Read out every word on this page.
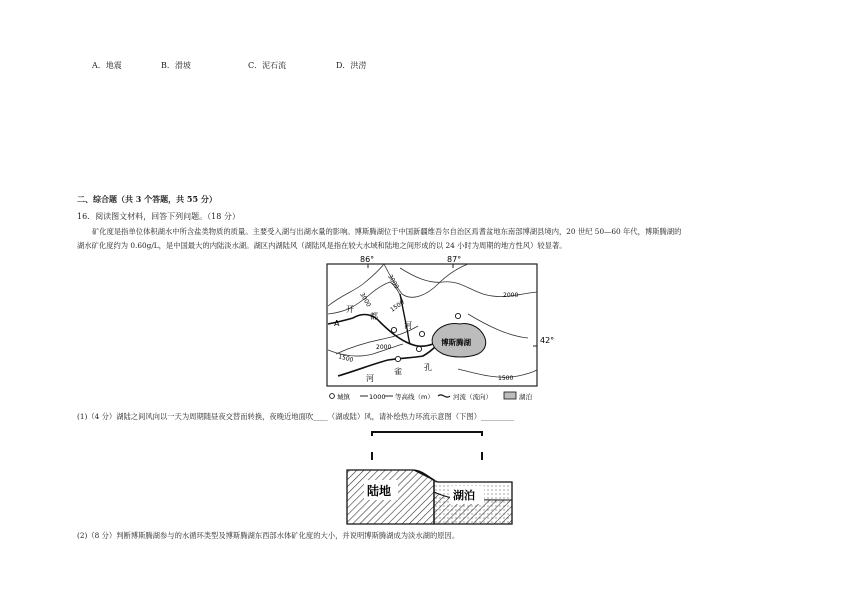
A．地震	B．滑坡	C．泥石流	D．洪涝
二、综合题（共 3 个答题，共 55 分）
16．阅读图文材料，回答下列问题。（18 分）
矿化度是指单位体积湖水中所含盐类物质的质量。主要受入湖与出湖水量的影响。博斯腾湖位于中国新疆维吾尔自治区焉耆盆地东南部博湖县境内，20 世纪 50—60 年代，博斯腾湖的
湖水矿化度约为 0.60g/L，是中国最大的内陆淡水湖。湖区内湖陆风（湖陆风是指在较大水域和陆地之间形成的以 24 小时为周期的地方性风）较显著。
86°	87°
42°
博斯腾湖
A
开
都
河
雀	孔
河
3000
3000
2000
2000
1500
1500
1500
城镇	1000 等高线（m）	河流（流向）	湖泊
(1)（4 分）湖陆之间风向以一天为周期随昼夜交替而转换，夜晚近地面吹____（湖或陆）风，请补绘热力环流示意图（下图）_________
陆地	湖泊
(2)（8 分）判断博斯腾湖参与的水循环类型及博斯腾湖东西部水体矿化度的大小，并说明博斯腾湖成为淡水湖的原因。
